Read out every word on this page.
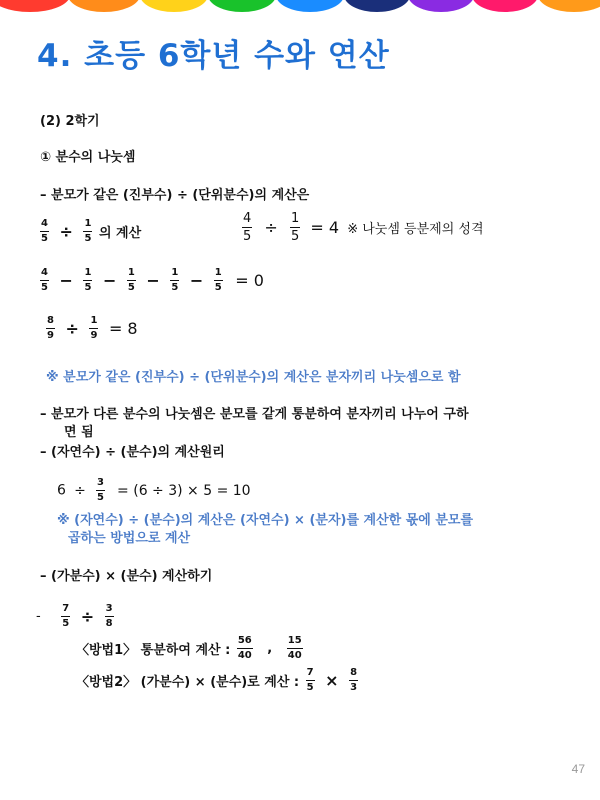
4. 초등 6학년 수와 연산
(2) 2학기
① 분수의 나눗셈
– 분모가 같은 (진부수) ÷ (단위분수)의 계산은
$\frac{4}{5} \div \frac{1}{5}$ 의 계산	$\frac{4}{5} \div \frac{1}{5} = 4$ ※ 나눗셈 등분제의 성격
$\frac{4}{5} - \frac{1}{5} - \frac{1}{5} - \frac{1}{5} - \frac{1}{5} = 0$
$\frac{8}{9} \div \frac{1}{9} = 8$
※ 분모가 같은 (진부수) ÷ (단위분수)의 계산은 분자끼리 나눗셈으로 함
– 분모가 다른 분수의 나눗셈은 분모를 같게 통분하여 분자끼리 나누어 구하
면 됨
– (자연수) ÷ (분수)의 계산원리
$6 \div \frac{3}{5} = (6 \div 3) \times 5 = 10$
※ (자연수) ÷ (분수)의 계산은 (자연수) × (분자)를 계산한 몫에 분모를
곱하는 방법으로 계산
– (가분수) × (분수) 계산하기
- $\frac{7}{5} \div \frac{3}{8}$
〈방법1〉 통분하여 계산 : $\frac{56}{40}$ , $\frac{15}{40}$
〈방법2〉 (가분수) × (분수)로 계산 : $\frac{7}{5} \times \frac{8}{3}$
47
